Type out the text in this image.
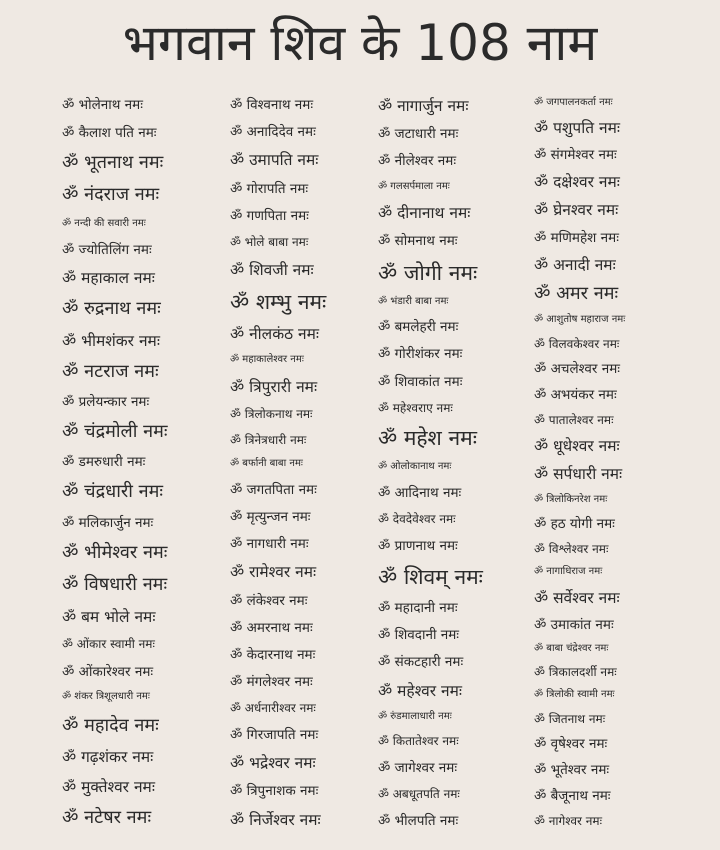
भगवान शिव के 108 नाम
ॐ भोलेनाथ नमः
ॐ कैलाश पति नमः
ॐ भूतनाथ नमः
ॐ नंदराज नमः
ॐ नन्दी की सवारी नमः
ॐ ज्योतिलिंग नमः
ॐ महाकाल नमः
ॐ रुद्रनाथ नमः
ॐ भीमशंकर नमः
ॐ नटराज नमः
ॐ प्रलेयन्कार नमः
ॐ चंद्रमोली नमः
ॐ डमरुधारी नमः
ॐ चंद्रधारी नमः
ॐ मलिकार्जुन नमः
ॐ भीमेश्वर नमः
ॐ विषधारी नमः
ॐ बम भोले नमः
ॐ ओंकार स्वामी नमः
ॐ ओंकारेश्वर नमः
ॐ शंकर त्रिशूलधारी नमः
ॐ महादेव नमः
ॐ गढ़शंकर नमः
ॐ मुक्तेश्वर नमः
ॐ नटेषर नमः
ॐ विश्वनाथ नमः
ॐ अनादिदेव नमः
ॐ उमापति नमः
ॐ गोरापति नमः
ॐ गणपिता नमः
ॐ भोले बाबा नमः
ॐ शिवजी नमः
ॐ शम्भु नमः
ॐ नीलकंठ नमः
ॐ महाकालेश्वर नमः
ॐ त्रिपुरारी नमः
ॐ त्रिलोकनाथ नमः
ॐ त्रिनेत्रधारी नमः
ॐ बर्फानी बाबा नमः
ॐ जगतपिता नमः
ॐ मृत्युन्जन नमः
ॐ नागधारी नमः
ॐ रामेश्वर नमः
ॐ लंकेश्वर नमः
ॐ अमरनाथ नमः
ॐ केदारनाथ नमः
ॐ मंगलेश्वर नमः
ॐ अर्धनारीश्वर नमः
ॐ गिरजापति नमः
ॐ भद्रेश्वर नमः
ॐ त्रिपुनाशक नमः
ॐ निर्जेश्वर नमः
ॐ नागार्जुन नमः
ॐ जटाधारी नमः
ॐ नीलेश्वर नमः
ॐ गलसर्पमाला नमः
ॐ दीनानाथ नमः
ॐ सोमनाथ नमः
ॐ जोगी नमः
ॐ भंडारी बाबा नमः
ॐ बमलेहरी नमः
ॐ गोरीशंकर नमः
ॐ शिवाकांत नमः
ॐ महेश्वराए नमः
ॐ महेश नमः
ॐ ओलोकानाथ नमः
ॐ आदिनाथ नमः
ॐ देवदेवेश्वर नमः
ॐ प्राणनाथ नमः
ॐ शिवम् नमः
ॐ महादानी नमः
ॐ शिवदानी नमः
ॐ संकटहारी नमः
ॐ महेश्वर नमः
ॐ रुंडमालाधारी नमः
ॐ कितातेश्वर नमः
ॐ जागेश्वर नमः
ॐ अबधूतपति नमः
ॐ भीलपति नमः
ॐ जगपालनकर्ता नमः
ॐ पशुपति नमः
ॐ संगमेश्वर नमः
ॐ दक्षेश्वर नमः
ॐ घ्रेनश्वर नमः
ॐ मणिमहेश नमः
ॐ अनादी नमः
ॐ अमर नमः
ॐ आशुतोष महाराज नमः
ॐ विलवकेश्वर नमः
ॐ अचलेश्वर नमः
ॐ अभयंकर नमः
ॐ पातालेश्वर नमः
ॐ धूधेश्वर नमः
ॐ सर्पधारी नमः
ॐ त्रिलोकिनरेश नमः
ॐ हठ योगी नमः
ॐ विश्लेश्वर नमः
ॐ नागाधिराज नमः
ॐ सर्वेश्वर नमः
ॐ उमाकांत नमः
ॐ बाबा चंद्रेश्वर नमः
ॐ त्रिकालदर्शी नमः
ॐ त्रिलोकी स्वामी नमः
ॐ जितनाथ नमः
ॐ वृषेश्वर नमः
ॐ भूतेश्वर नमः
ॐ बैजूनाथ नमः
ॐ नागेश्वर नमः
